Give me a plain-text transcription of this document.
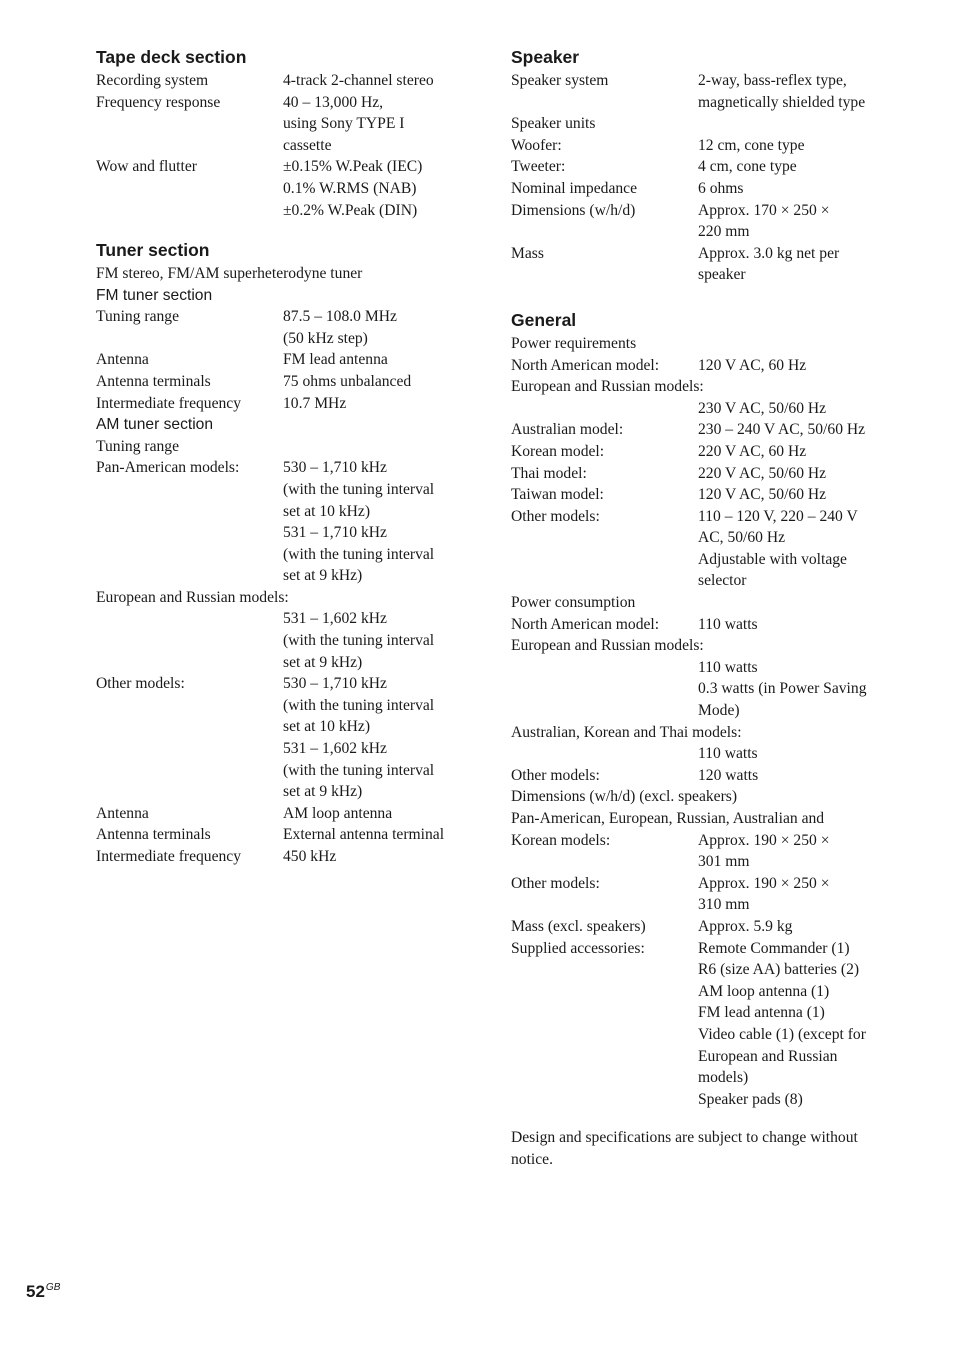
Tape deck section
Recording system	4-track 2-channel stereo
Frequency response	40 – 13,000 Hz,
using Sony TYPE I
cassette
Wow and flutter	±0.15% W.Peak (IEC)
0.1% W.RMS (NAB)
±0.2% W.Peak (DIN)
Tuner section
FM stereo, FM/AM superheterodyne tuner
FM tuner section
Tuning range	87.5 – 108.0 MHz
(50 kHz step)
Antenna	FM lead antenna
Antenna terminals	75 ohms unbalanced
Intermediate frequency	10.7 MHz
AM tuner section
Tuning range
Pan-American models:	530 – 1,710 kHz
(with the tuning interval
set at 10 kHz)
531 – 1,710 kHz
(with the tuning interval
set at 9 kHz)
European and Russian models:
531 – 1,602 kHz
(with the tuning interval
set at 9 kHz)
Other models:	530 – 1,710 kHz
(with the tuning interval
set at 10 kHz)
531 – 1,602 kHz
(with the tuning interval
set at 9 kHz)
Antenna	AM loop antenna
Antenna terminals	External antenna terminal
Intermediate frequency	450 kHz
Speaker
Speaker system	2-way, bass-reflex type,
magnetically shielded type
Speaker units
Woofer:	12 cm, cone type
Tweeter:	4 cm, cone type
Nominal impedance	6 ohms
Dimensions (w/h/d)	Approx. 170 × 250 ×
220 mm
Mass	Approx. 3.0 kg net per
speaker
General
Power requirements
North American model:	120 V AC, 60 Hz
European and Russian models:
230 V AC, 50/60 Hz
Australian model:	230 – 240 V AC, 50/60 Hz
Korean model:	220 V AC, 60 Hz
Thai model:	220 V AC, 50/60 Hz
Taiwan model:	120 V AC, 50/60 Hz
Other models:	110 – 120 V, 220 – 240 V
AC, 50/60 Hz
Adjustable with voltage
selector
Power consumption
North American model:	110 watts
European and Russian models:
110 watts
0.3 watts (in Power Saving
Mode)
Australian, Korean and Thai models:
110 watts
Other models:	120 watts
Dimensions (w/h/d) (excl. speakers)
Pan-American, European, Russian, Australian and
Korean models:	Approx. 190 × 250 ×
301 mm
Other models:	Approx. 190 × 250 ×
310 mm
Mass (excl. speakers)	Approx. 5.9 kg
Supplied accessories:	Remote Commander (1)
R6 (size AA) batteries (2)
AM loop antenna (1)
FM lead antenna (1)
Video cable (1) (except for
European and Russian
models)
Speaker pads (8)
Design and specifications are subject to change without notice.
$52^{GB}$
